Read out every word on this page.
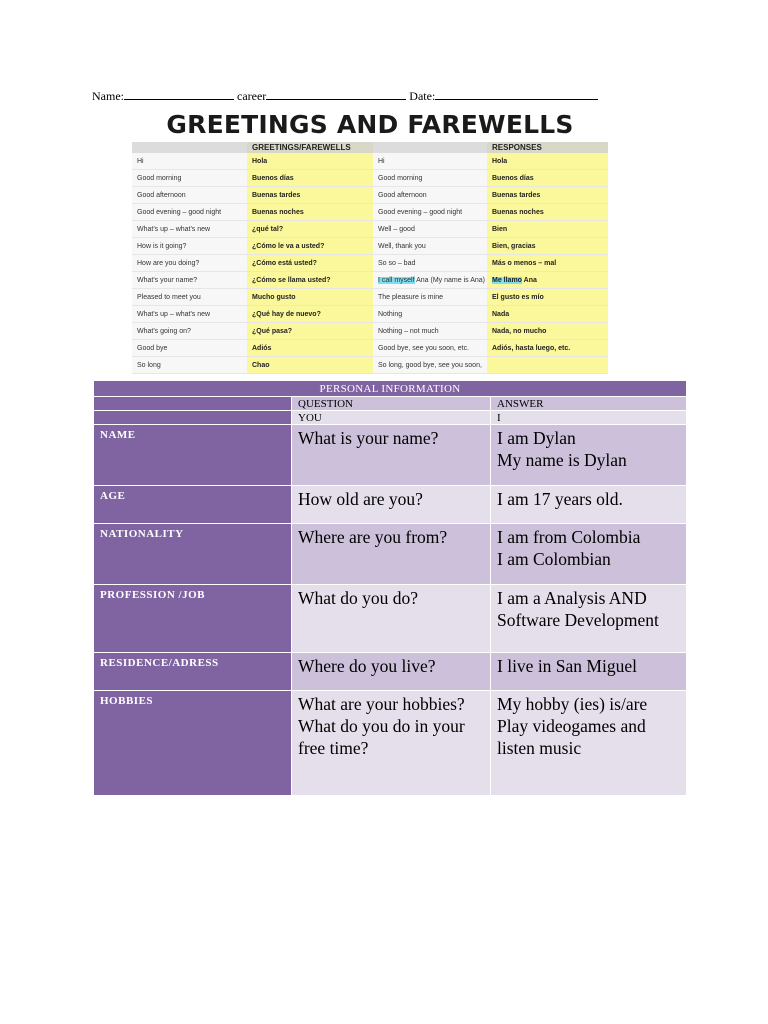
Name:	career	Date:
GREETINGS AND FAREWELLS
	GREETINGS/FAREWELLS		RESPONSES
Hi	Hola	Hi	Hola
Good morning	Buenos días	Good morning	Buenos días
Good afternoon	Buenas tardes	Good afternoon	Buenas tardes
Good evening – good night	Buenas noches	Good evening – good night	Buenas noches
What's up – what's new	¿qué tal?	Well – good	Bien
How is it going?	¿Cómo le va a usted?	Well, thank you	Bien, gracias
How are you doing?	¿Cómo está usted?	So so – bad	Más o menos – mal
What's your name?	¿Cómo se llama usted?	I call myself Ana (My name is Ana)	Me llamo Ana
Pleased to meet you	Mucho gusto	The pleasure is mine	El gusto es mío
What's up – what's new	¿Qué hay de nuevo?	Nothing	Nada
What's going on?	¿Qué pasa?	Nothing – not much	Nada, no mucho
Good bye	Adiós	Good bye, see you soon, etc.	Adiós, hasta luego, etc.
So long	Chao	So long, good bye, see you soon,	
PERSONAL INFORMATION		
	QUESTION	ANSWER
	YOU	I
NAME	What is your name?	I am Dylan
My name is Dylan
AGE	How old are you?	I am 17 years old.
NATIONALITY	Where are you from?	I am from Colombia
I am Colombian
PROFESSION /JOB	What do you do?	I am a Analysis AND Software Development
RESIDENCE/ADRESS	Where do you live?	I live in San Miguel
HOBBIES	What are your hobbies?
What do you do in your free time?	My hobby (ies) is/are Play videogames and listen music
